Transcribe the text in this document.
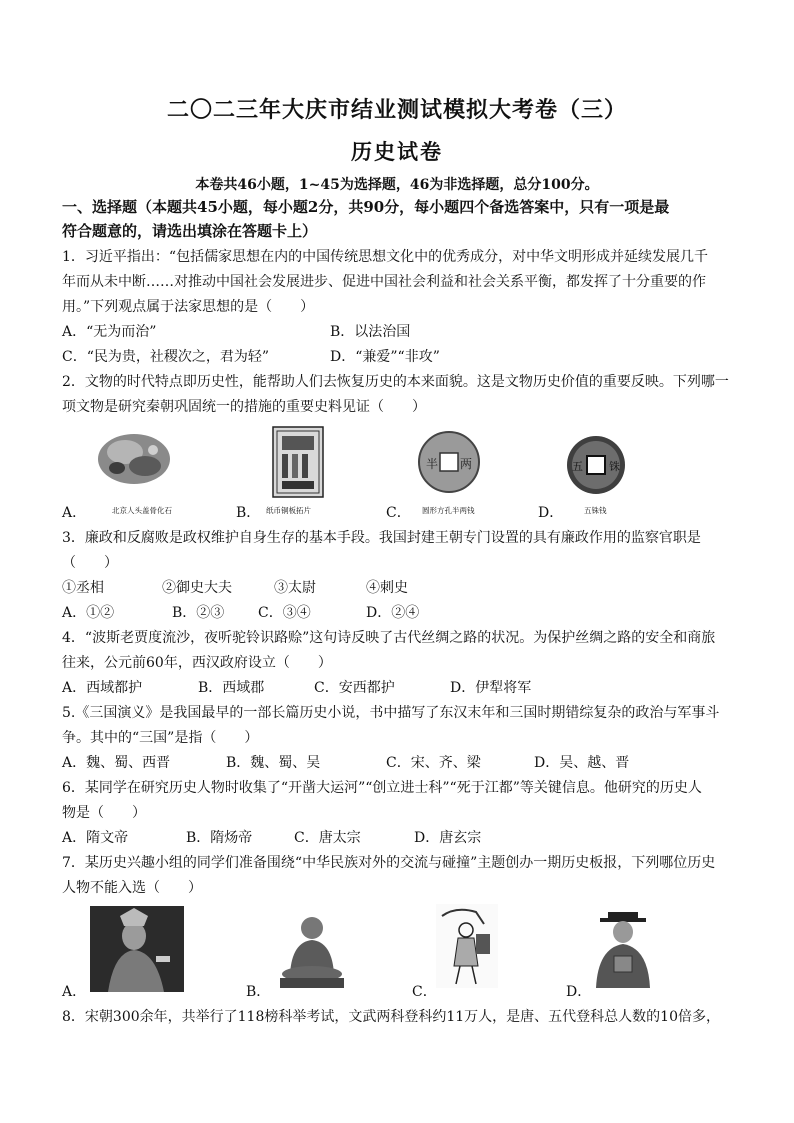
二〇二三年大庆市结业测试模拟大考卷（三）
历史试卷
本卷共46小题，1~45为选择题，46为非选择题，总分100分。
一、选择题（本题共45小题，每小题2分，共90分，每小题四个备选答案中，只有一项是最
符合题意的，请选出填涂在答题卡上）
1．习近平指出：“包括儒家思想在内的中国传统思想文化中的优秀成分，对中华文明形成并延续发展几千
年而从未中断……对推动中国社会发展进步、促进中国社会利益和社会关系平衡，都发挥了十分重要的作
用。”下列观点属于法家思想的是（　　）
A．“无为而治”	B．以法治国
C．“民为贵，社稷次之，君为轻”	D．“兼爱”“非攻”
2．文物的时代特点即历史性，能帮助人们去恢复历史的本来面貌。这是文物历史价值的重要反映。下列哪一
项文物是研究秦朝巩固统一的措施的重要史料见证（　　）
北京人头盖骨化石	纸币铜板拓片
半 两
圆形方孔半两钱
五 铢
五铢钱
A．	B．	C．	D．
3．廉政和反腐败是政权维护自身生存的基本手段。我国封建王朝专门设置的具有廉政作用的监察官职是
（　　）
①丞相	②御史大夫	③太尉	④刺史
A．①②	B．②③ C．③④	D．②④
4．“波斯老贾度流沙，夜听驼铃识路赊”这句诗反映了古代丝绸之路的状况。为保护丝绸之路的安全和商旅
往来，公元前60年，西汉政府设立（　　）
A．西域都护	B．西域郡	C．安西都护	D．伊犁将军
5.《三国演义》是我国最早的一部长篇历史小说，书中描写了东汉末年和三国时期错综复杂的政治与军事斗
争。其中的“三国”是指（　　）
A．魏、蜀、西晋	B．魏、蜀、吴	C．宋、齐、梁	D．吴、越、晋
6．某同学在研究历史人物时收集了“开凿大运河”“创立进士科”“死于江都”等关键信息。他研究的历史人
物是（　　）
A．隋文帝	B．隋炀帝	C．唐太宗	D．唐玄宗
7．某历史兴趣小组的同学们准备围绕“中华民族对外的交流与碰撞”主题创办一期历史板报，下列哪位历史
人物不能入选（　　）
A．	B．	C．	D．
8．宋朝300余年，共举行了118榜科举考试，文武两科登科约11万人，是唐、五代登科总人数的10倍多，
